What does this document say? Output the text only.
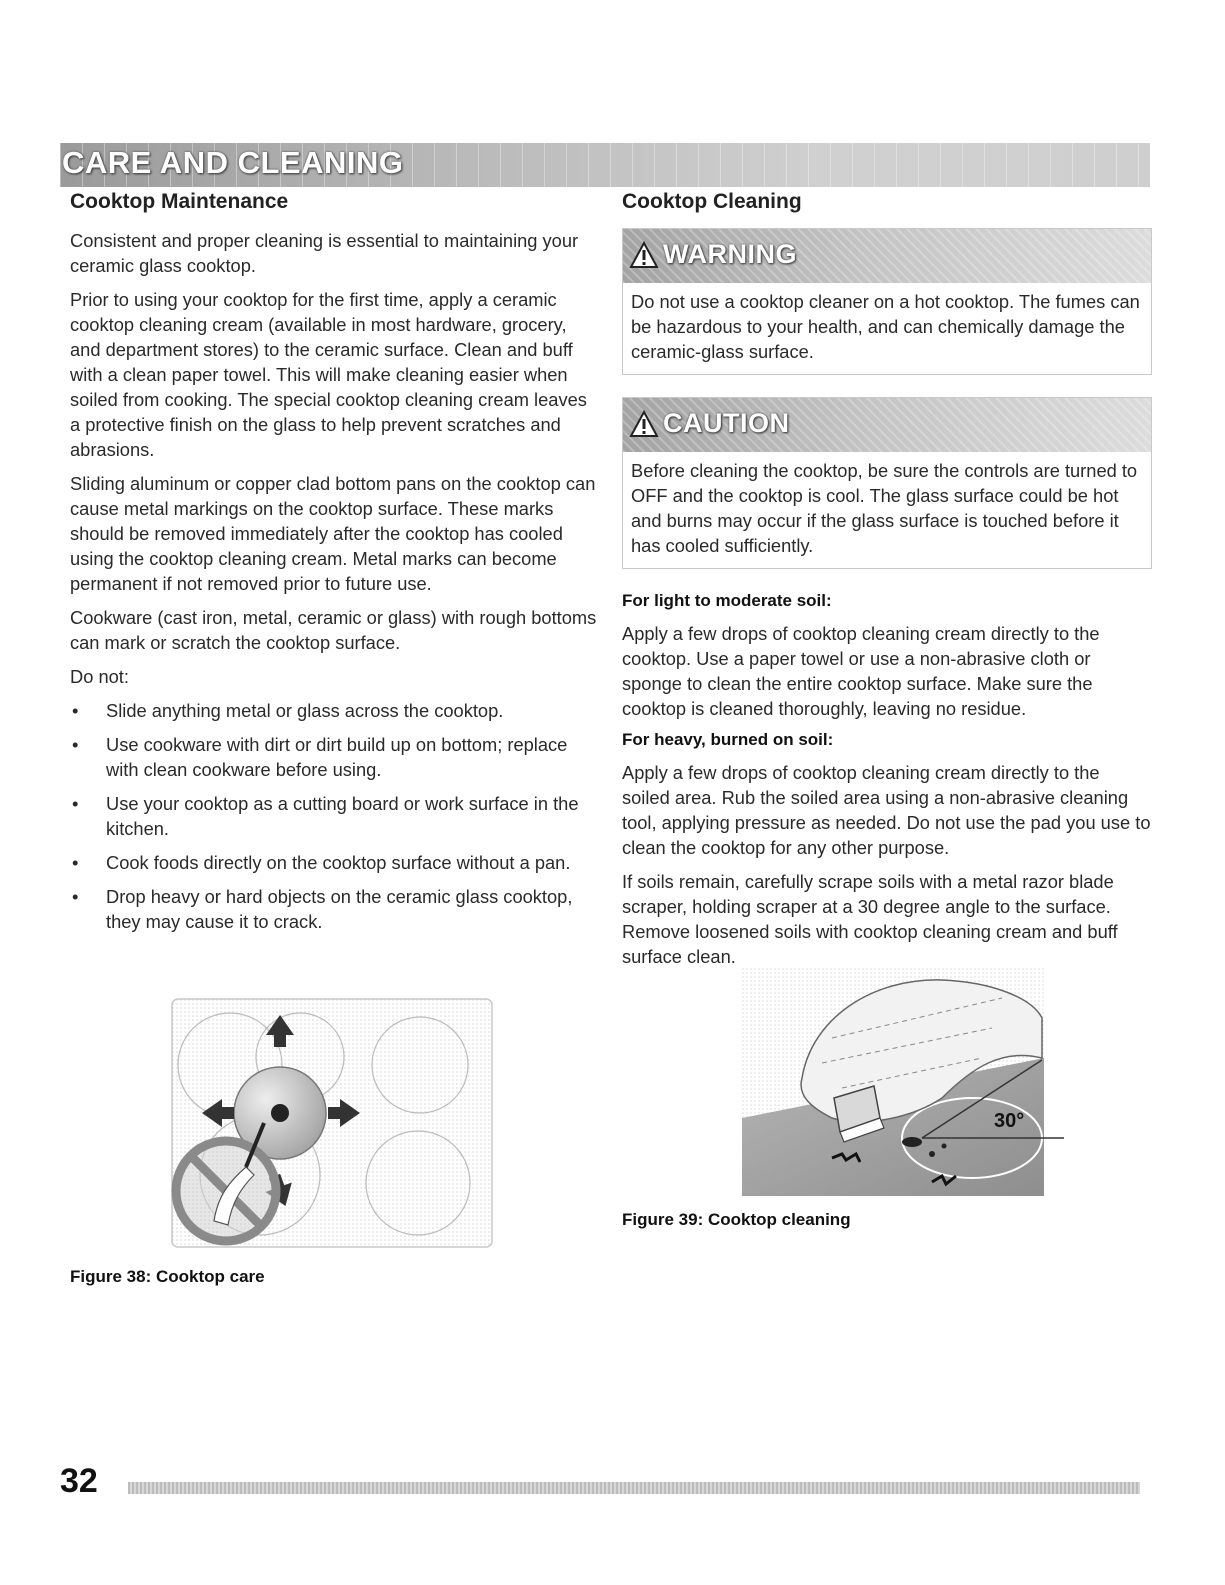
CARE AND CLEANING
Cooktop Maintenance

Consistent and proper cleaning is essential to maintaining your ceramic glass cooktop.

Prior to using your cooktop for the first time, apply a ceramic cooktop cleaning cream (available in most hardware, grocery, and department stores) to the ceramic surface. Clean and buff with a clean paper towel. This will make cleaning easier when soiled from cooking. The special cooktop cleaning cream leaves a protective finish on the glass to help prevent scratches and abrasions.

Sliding aluminum or copper clad bottom pans on the cooktop can cause metal markings on the cooktop surface. These marks should be removed immediately after the cooktop has cooled using the cooktop cleaning cream. Metal marks can become permanent if not removed prior to future use.

Cookware (cast iron, metal, ceramic or glass) with rough bottoms can mark or scratch the cooktop surface.

Do not:

• Slide anything metal or glass across the cooktop.
• Use cookware with dirt or dirt build up on bottom; replace with clean cookware before using.
• Use your cooktop as a cutting board or work surface in the kitchen.
• Cook foods directly on the cooktop surface without a pan.
• Drop heavy or hard objects on the ceramic glass cooktop, they may cause it to crack.
Figure 38: Cooktop care
Cooktop Cleaning
WARNING
Do not use a cooktop cleaner on a hot cooktop. The fumes can be hazardous to your health, and can chemically damage the ceramic-glass surface.
CAUTION
Before cleaning the cooktop, be sure the controls are turned to OFF and the cooktop is cool. The glass surface could be hot and burns may occur if the glass surface is touched before it has cooled sufficiently.
For light to moderate soil:

Apply a few drops of cooktop cleaning cream directly to the cooktop. Use a paper towel or use a non-abrasive cloth or sponge to clean the entire cooktop surface. Make sure the cooktop is cleaned thoroughly, leaving no residue.

For heavy, burned on soil:

Apply a few drops of cooktop cleaning cream directly to the soiled area. Rub the soiled area using a non-abrasive cleaning tool, applying pressure as needed. Do not use the pad you use to clean the cooktop for any other purpose.

If soils remain, carefully scrape soils with a metal razor blade scraper, holding scraper at a 30 degree angle to the surface. Remove loosened soils with cooktop cleaning cream and buff surface clean.

30°
Figure 39: Cooktop cleaning
32
